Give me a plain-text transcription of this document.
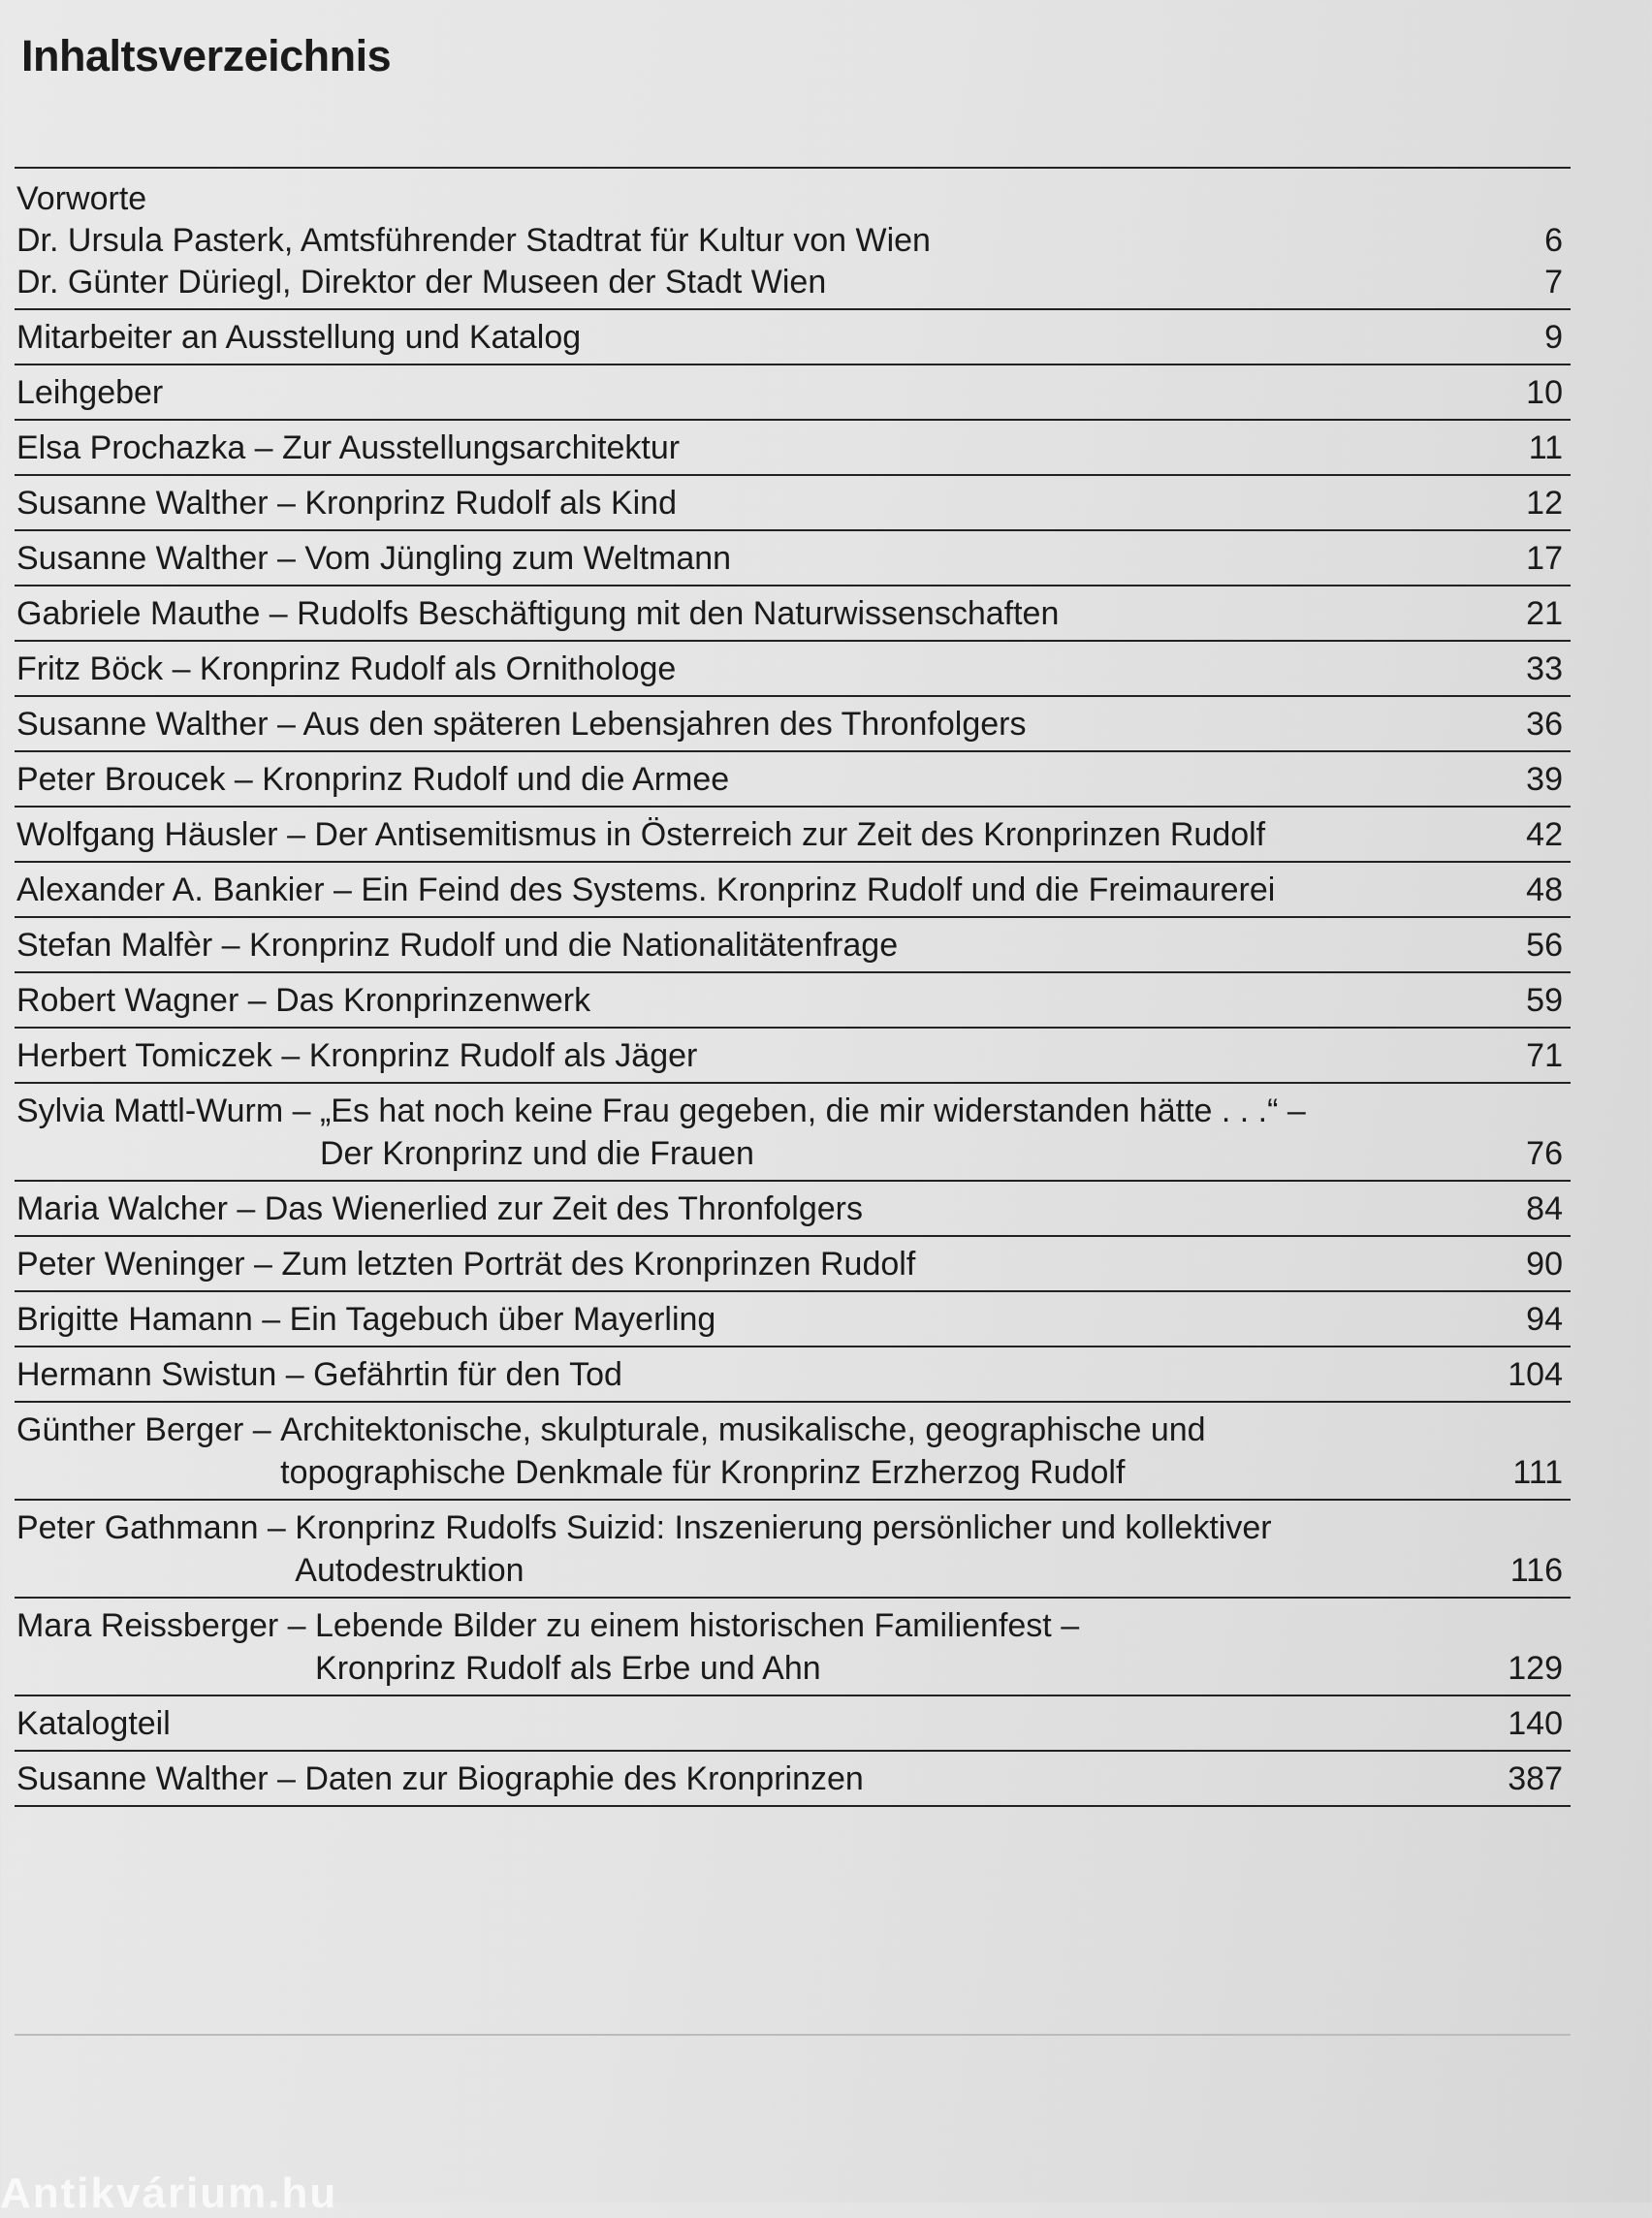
Inhaltsverzeichnis
Vorworte
Dr. Ursula Pasterk, Amtsführender Stadtrat für Kultur von Wien	6
Dr. Günter Düriegl, Direktor der Museen der Stadt Wien	7
Mitarbeiter an Ausstellung und Katalog	9
Leihgeber	10
Elsa Prochazka – Zur Ausstellungsarchitektur	11
Susanne Walther – Kronprinz Rudolf als Kind	12
Susanne Walther – Vom Jüngling zum Weltmann	17
Gabriele Mauthe – Rudolfs Beschäftigung mit den Naturwissenschaften	21
Fritz Böck – Kronprinz Rudolf als Ornithologe	33
Susanne Walther – Aus den späteren Lebensjahren des Thronfolgers	36
Peter Broucek – Kronprinz Rudolf und die Armee	39
Wolfgang Häusler – Der Antisemitismus in Österreich zur Zeit des Kronprinzen Rudolf	42
Alexander A. Bankier – Ein Feind des Systems. Kronprinz Rudolf und die Freimaurerei	48
Stefan Malfèr – Kronprinz Rudolf und die Nationalitätenfrage	56
Robert Wagner – Das Kronprinzenwerk	59
Herbert Tomiczek – Kronprinz Rudolf als Jäger	71
Sylvia Mattl-Wurm – „Es hat noch keine Frau gegeben, die mir widerstanden hätte . . .“ –
Der Kronprinz und die Frauen	76
Maria Walcher – Das Wienerlied zur Zeit des Thronfolgers	84
Peter Weninger – Zum letzten Porträt des Kronprinzen Rudolf	90
Brigitte Hamann – Ein Tagebuch über Mayerling	94
Hermann Swistun – Gefährtin für den Tod	104
Günther Berger – Architektonische, skulpturale, musikalische, geographische und
topographische Denkmale für Kronprinz Erzherzog Rudolf	111
Peter Gathmann – Kronprinz Rudolfs Suizid: Inszenierung persönlicher und kollektiver
Autodestruktion	116
Mara Reissberger – Lebende Bilder zu einem historischen Familienfest –
Kronprinz Rudolf als Erbe und Ahn	129
Katalogteil	140
Susanne Walther – Daten zur Biographie des Kronprinzen	387
Antikvárium.hu
